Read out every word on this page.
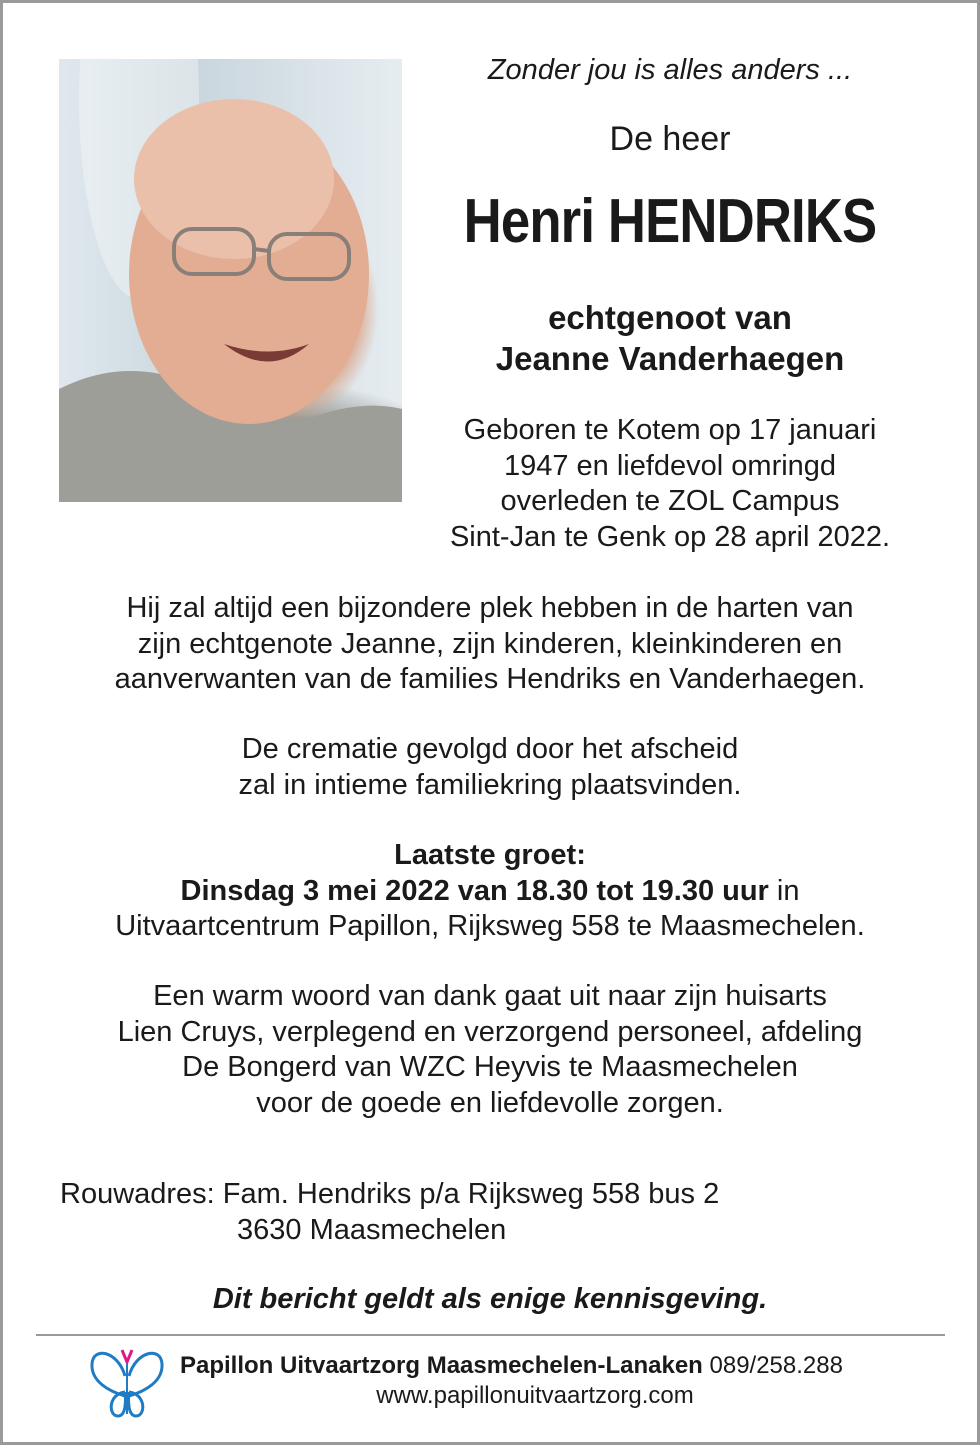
Zonder jou is alles anders ...
De heer
Henri HENDRIKS
echtgenoot van
Jeanne Vanderhaegen
Geboren te Kotem op 17 januari
1947 en liefdevol omringd
overleden te ZOL Campus
Sint-Jan te Genk op 28 april 2022.
Hij zal altijd een bijzondere plek hebben in de harten van
zijn echtgenote Jeanne, zijn kinderen, kleinkinderen en
aanverwanten van de families Hendriks en Vanderhaegen.
De crematie gevolgd door het afscheid
zal in intieme familiekring plaatsvinden.
Laatste groet:
Dinsdag 3 mei 2022 van 18.30 tot 19.30 uur in
Uitvaartcentrum Papillon, Rijksweg 558 te Maasmechelen.
Een warm woord van dank gaat uit naar zijn huisarts
Lien Cruys, verplegend en verzorgend personeel, afdeling
De Bongerd van WZC Heyvis te Maasmechelen
voor de goede en liefdevolle zorgen.
Rouwadres: Fam. Hendriks p/a Rijksweg 558 bus 2
3630 Maasmechelen
Dit bericht geldt als enige kennisgeving.
Papillon Uitvaartzorg Maasmechelen-Lanaken 089/258.288
www.papillonuitvaartzorg.com
